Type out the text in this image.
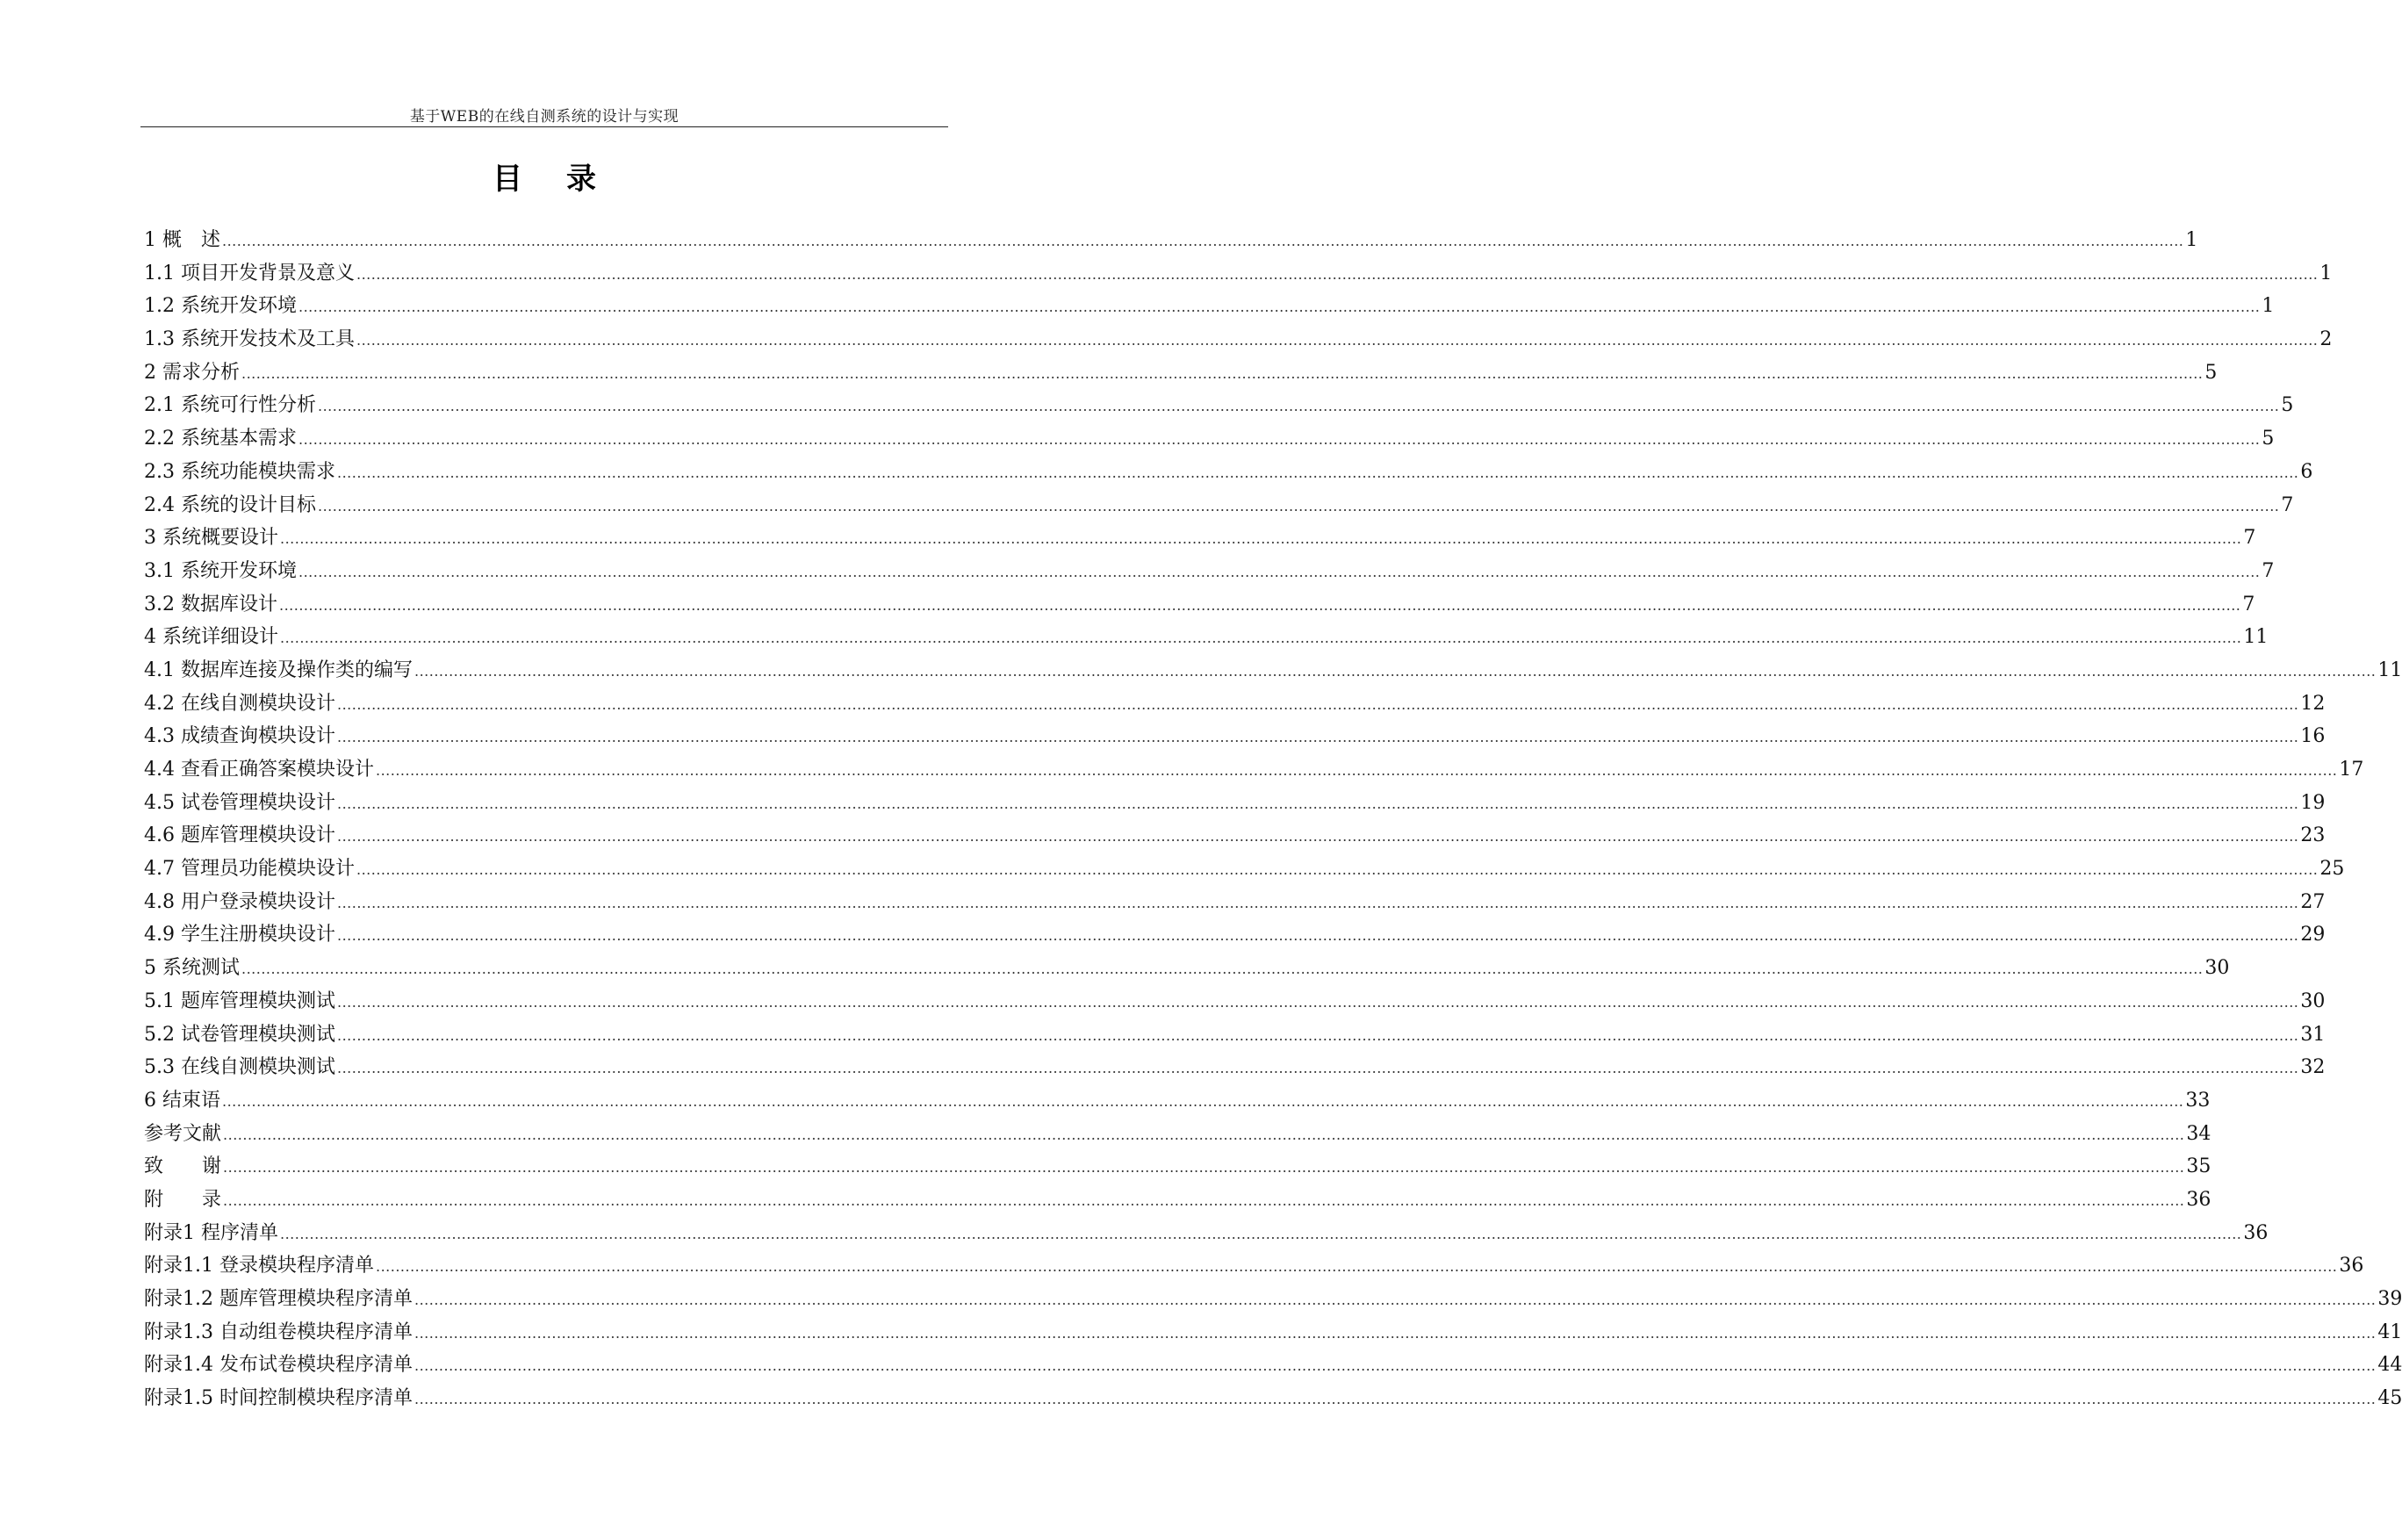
基于WEB的在线自测系统的设计与实现
目录
1 概　述 ................................................................................................................................................................................................................................................................................................................................................................................................................ 1
1.1 项目开发背景及意义 ................................................................................................................................................................................................................................................................................................................................................................................................................ 1
1.2 系统开发环境 ................................................................................................................................................................................................................................................................................................................................................................................................................ 1
1.3 系统开发技术及工具 ................................................................................................................................................................................................................................................................................................................................................................................................................ 2
2 需求分析 ................................................................................................................................................................................................................................................................................................................................................................................................................ 5
2.1 系统可行性分析 ................................................................................................................................................................................................................................................................................................................................................................................................................ 5
2.2 系统基本需求 ................................................................................................................................................................................................................................................................................................................................................................................................................ 5
2.3 系统功能模块需求 ................................................................................................................................................................................................................................................................................................................................................................................................................ 6
2.4 系统的设计目标 ................................................................................................................................................................................................................................................................................................................................................................................................................ 7
3 系统概要设计 ................................................................................................................................................................................................................................................................................................................................................................................................................ 7
3.1 系统开发环境 ................................................................................................................................................................................................................................................................................................................................................................................................................ 7
3.2 数据库设计 ................................................................................................................................................................................................................................................................................................................................................................................................................ 7
4 系统详细设计 ................................................................................................................................................................................................................................................................................................................................................................................................................ 11
4.1 数据库连接及操作类的编写 ................................................................................................................................................................................................................................................................................................................................................................................................................ 11
4.2 在线自测模块设计 ................................................................................................................................................................................................................................................................................................................................................................................................................ 12
4.3 成绩查询模块设计 ................................................................................................................................................................................................................................................................................................................................................................................................................ 16
4.4 查看正确答案模块设计 ................................................................................................................................................................................................................................................................................................................................................................................................................ 17
4.5 试卷管理模块设计 ................................................................................................................................................................................................................................................................................................................................................................................................................ 19
4.6 题库管理模块设计 ................................................................................................................................................................................................................................................................................................................................................................................................................ 23
4.7 管理员功能模块设计 ................................................................................................................................................................................................................................................................................................................................................................................................................ 25
4.8 用户登录模块设计 ................................................................................................................................................................................................................................................................................................................................................................................................................ 27
4.9 学生注册模块设计 ................................................................................................................................................................................................................................................................................................................................................................................................................ 29
5 系统测试 ................................................................................................................................................................................................................................................................................................................................................................................................................ 30
5.1 题库管理模块测试 ................................................................................................................................................................................................................................................................................................................................................................................................................ 30
5.2 试卷管理模块测试 ................................................................................................................................................................................................................................................................................................................................................................................................................ 31
5.3 在线自测模块测试 ................................................................................................................................................................................................................................................................................................................................................................................................................ 32
6 结束语 ................................................................................................................................................................................................................................................................................................................................................................................................................ 33
参考文献 ................................................................................................................................................................................................................................................................................................................................................................................................................ 34
致　　谢 ................................................................................................................................................................................................................................................................................................................................................................................................................ 35
附　　录 ................................................................................................................................................................................................................................................................................................................................................................................................................ 36
附录1 程序清单 ................................................................................................................................................................................................................................................................................................................................................................................................................ 36
附录1.1 登录模块程序清单 ................................................................................................................................................................................................................................................................................................................................................................................................................ 36
附录1.2 题库管理模块程序清单 ................................................................................................................................................................................................................................................................................................................................................................................................................ 39
附录1.3 自动组卷模块程序清单 ................................................................................................................................................................................................................................................................................................................................................................................................................ 41
附录1.4 发布试卷模块程序清单 ................................................................................................................................................................................................................................................................................................................................................................................................................ 44
附录1.5 时间控制模块程序清单 ................................................................................................................................................................................................................................................................................................................................................................................................................ 45
